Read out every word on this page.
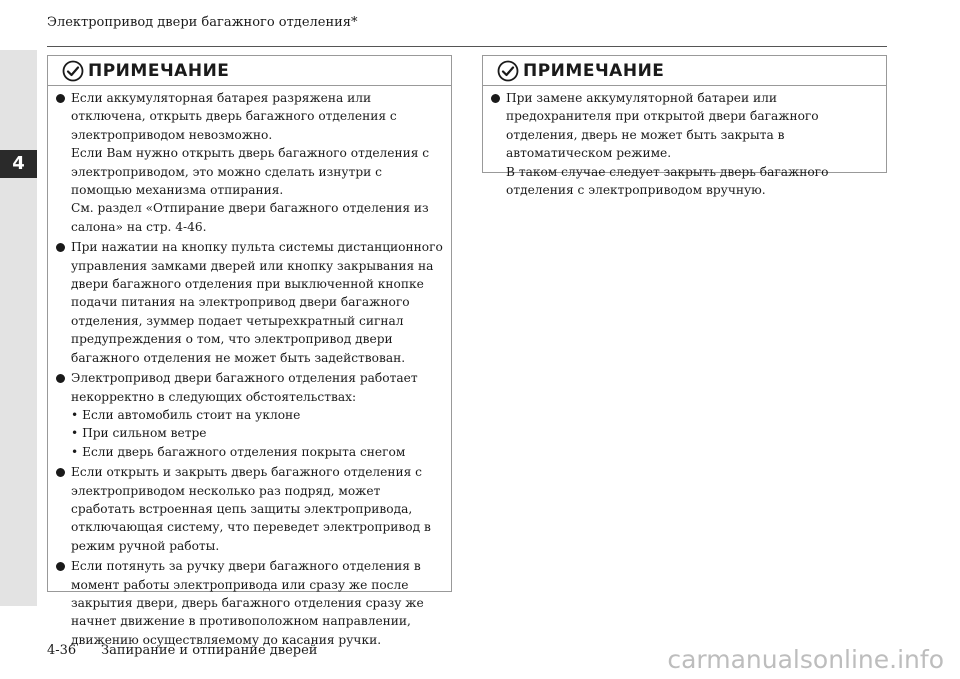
4
Электропривод двери багажного отделения*
ПРИМЕЧАНИЕ

Если аккумуляторная батарея разряжена или отключена, открыть дверь багажного отделения с электроприводом невозможно.

Если Вам нужно открыть дверь багажного отделения с электроприводом, это можно сделать изнутри с помощью механизма отпирания.

См. раздел «Отпирание двери багажного отделения из салона» на стр. 4-46.

При нажатии на кнопку пульта системы дистанционного управления замками дверей или кнопку закрывания на двери багажного отделения при выключенной кнопке подачи питания на электропривод двери багажного отделения, зуммер подает четырехкратный сигнал предупреждения о том, что электропривод двери багажного отделения не может быть задействован.

Электропривод двери багажного отделения работает некорректно в следующих обстоятельствах:

• Если автомобиль стоит на уклоне

• При сильном ветре

• Если дверь багажного отделения покрыта снегом

Если открыть и закрыть дверь багажного отделения с электроприводом несколько раз подряд, может сработать встроенная цепь защиты электропривода, отключающая систему, что переведет электропривод в режим ручной работы.

Если потянуть за ручку двери багажного отделения в момент работы электропривода или сразу же после закрытия двери, дверь багажного отделения сразу же начнет движение в противоположном направлении, движению осуществляемому до касания ручки.

ПРИМЕЧАНИЕ

При замене аккумуляторной батареи или предохранителя при открытой двери багажного отделения, дверь не может быть закрыта в автоматическом режиме.

В таком случае следует закрыть дверь багажного отделения с электроприводом вручную.

4-36 Запирание и отпирание дверей	carmanualsonline.info
